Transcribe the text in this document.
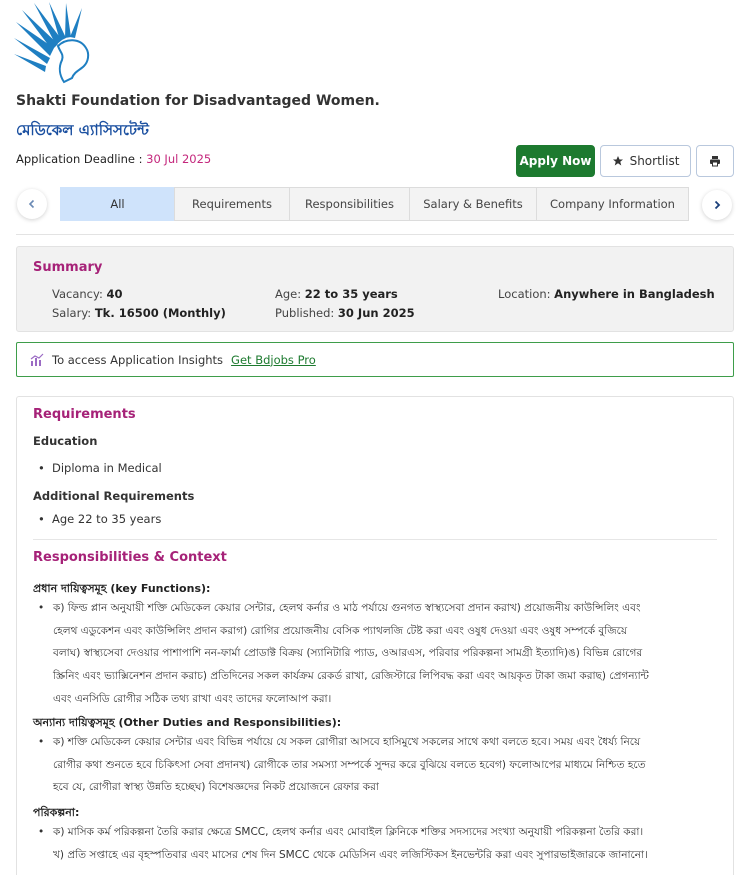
Shakti Foundation for Disadvantaged Women.
মেডিকেল এ্যাসিসটেন্ট
Application Deadline : 30 Jul 2025	Apply Now	Shortlist
All	Requirements	Responsibilities	Salary & Benefits	Company Information
Summary
Vacancy: 40
Salary: Tk. 16500 (Monthly)
Age: 22 to 35 years
Published: 30 Jun 2025
Location: Anywhere in Bangladesh
To access Application Insights Get Bdjobs Pro
Requirements
Education
• Diploma in Medical
Additional Requirements
• Age 22 to 35 years
Responsibilities & Context
প্রধান দায়িত্বসমূহ (key Functions):
• ক) ফিল্ড প্লান অনুযায়ী শক্তি মেডিকেল কেয়ার সেন্টার, হেলথ কর্নার ও মাঠ পর্যায়ে গুনগত স্বাস্থ্যসেবা প্রদান করাখ) প্রয়োজনীয় কাউন্সিলিং এবং
হেলথ এডুকেশন এবং কাউন্সিলিং প্রদান করাগ) রোগির প্রয়োজনীয় বেসিক প্যাথলজি টেষ্ট করা এবং ওষুধ দেওয়া এবং ওষুধ সম্পর্কে বুজিয়ে
বলাঘ) স্বাস্থ্যসেবা দেওয়ার পাশাপাশি নন-ফার্মা প্রোডাক্ট বিক্রয় (স্যানিটারি প্যাড, ওআরএস, পরিবার পরিকল্পনা সামগ্রী ইত্যাদি)ঙ) বিভিন্ন রোগের
স্ক্রিনিং এবং ভ্যাক্সিনেশন প্রদান করাচ) প্রতিদিনের সকল কার্যক্রম রেকর্ড রাখা, রেজিস্টারে লিপিবদ্ধ করা এবং আয়কৃত টাকা জমা করাছ) প্রেগন্যান্ট
এবং এনসিডি রোগীর সঠিক তথ্য রাখা এবং তাদের ফলোআপ করা।
অন্যান্য দায়িত্বসমূহ (Other Duties and Responsibilities):
• ক) শক্তি মেডিকেল কেয়ার সেন্টার এবং বিভিন্ন পর্যায়ে যে সকল রোগীরা আসবে হাসিমুখে সকলের সাথে কথা বলতে হবে। সময় এবং ধৈর্য্য নিয়ে
রোগীর কথা শুনতে হবে চিকিৎসা সেবা প্রদানখ) রোগীকে তার সমস্যা সম্পর্কে সুন্দর করে বুঝিয়ে বলতে হবেগ) ফলোআপের মাধ্যমে নিশ্চিত হতে
হবে যে, রোগীরা স্বাস্থ্য উন্নতি হচ্ছেঘ) বিশেষজ্ঞদের নিকট প্রয়োজনে রেফার করা
পরিকল্পনা:
• ক) মাসিক কর্ম পরিকল্পনা তৈরি করার ক্ষেত্রে SMCC, হেলথ কর্নার এবং মোবাইল ক্লিনিকে শক্তির সদস্যদের সংখ্যা অনুযায়ী পরিকল্পনা তৈরি করা।
খ) প্রতি সপ্তাহে এর বৃহস্পতিবার এবং মাসের শেষ দিন SMCC থেকে মেডিসিন এবং লজিস্টিকস ইনভেন্টরি করা এবং সুপারভাইজারকে জানানো।
